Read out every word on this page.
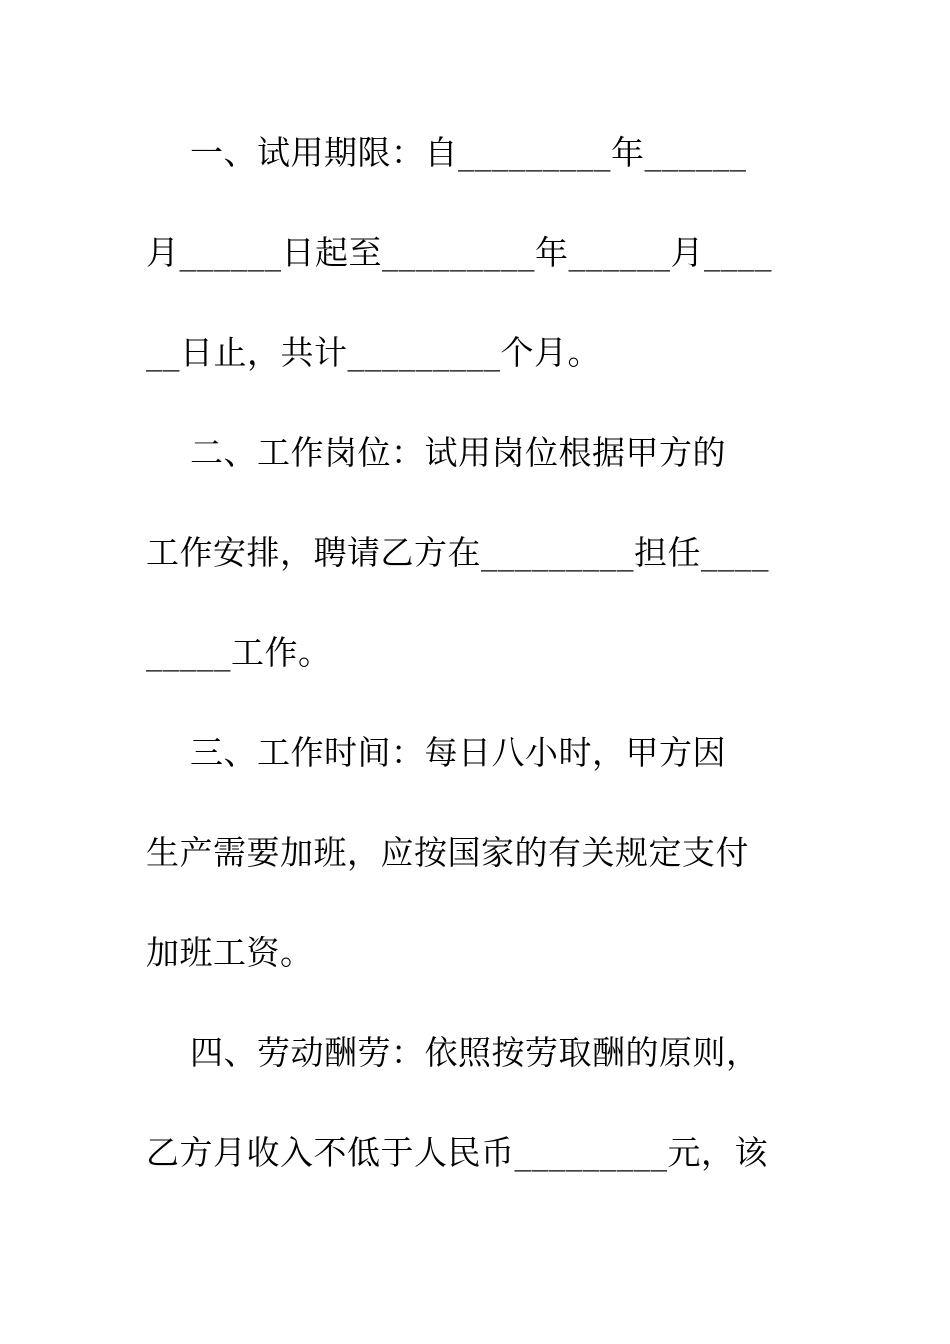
一、试用期限：自_________年______
月______日起至_________年______月____
__日止，共计_________个月。
二、工作岗位：试用岗位根据甲方的
工作安排，聘请乙方在_________担任____
_____工作。
三、工作时间：每日八小时，甲方因
生产需要加班，应按国家的有关规定支付
加班工资。
四、劳动酬劳：依照按劳取酬的原则，
乙方月收入不低于人民币_________元，该
